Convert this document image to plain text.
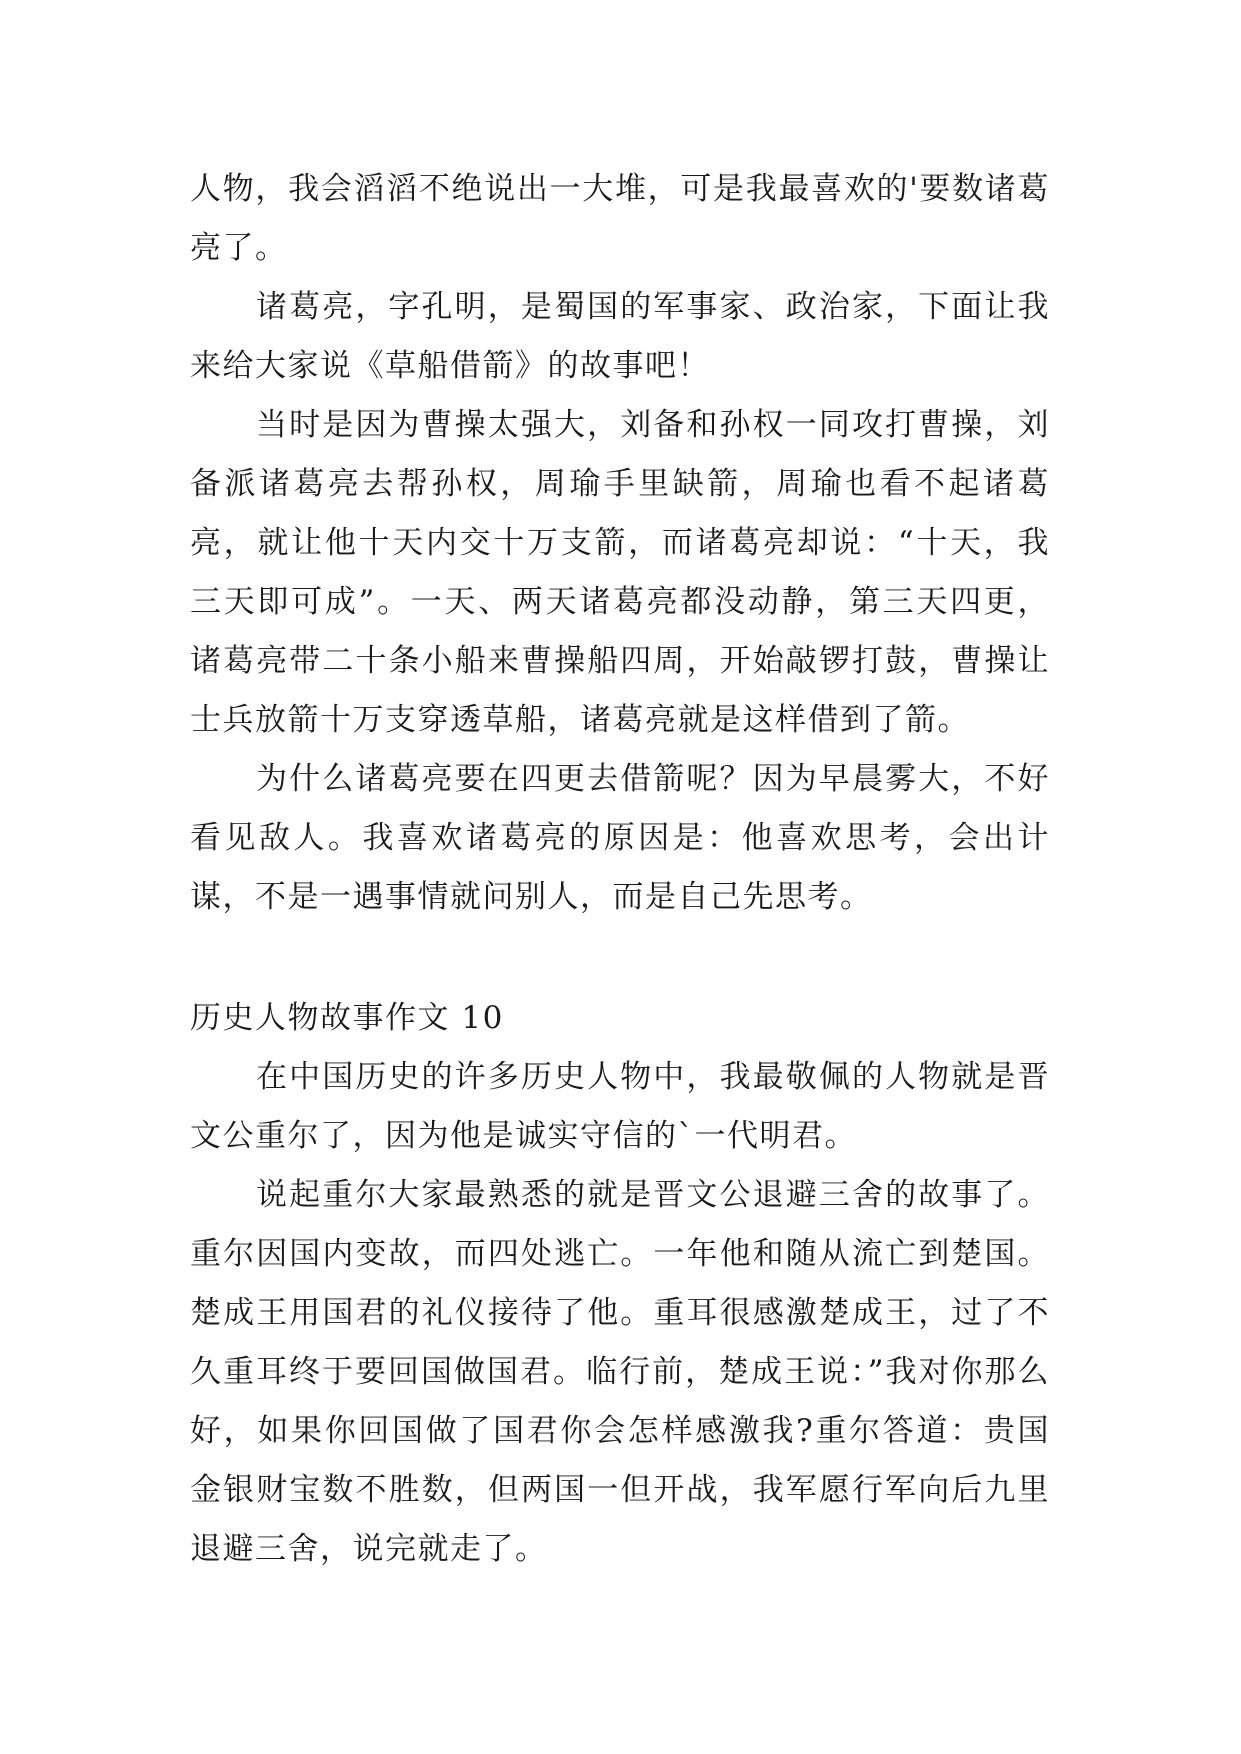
人物，我会滔滔不绝说出一大堆，可是我最喜欢的'要数诸葛亮了。

诸葛亮，字孔明，是蜀国的军事家、政治家，下面让我来给大家说《草船借箭》的故事吧！

当时是因为曹操太强大，刘备和孙权一同攻打曹操，刘备派诸葛亮去帮孙权，周瑜手里缺箭，周瑜也看不起诸葛亮，就让他十天内交十万支箭，而诸葛亮却说：“十天，我三天即可成”。一天、两天诸葛亮都没动静，第三天四更，诸葛亮带二十条小船来曹操船四周，开始敲锣打鼓，曹操让士兵放箭十万支穿透草船，诸葛亮就是这样借到了箭。

为什么诸葛亮要在四更去借箭呢？因为早晨雾大，不好看见敌人。我喜欢诸葛亮的原因是：他喜欢思考，会出计谋，不是一遇事情就问别人，而是自己先思考。

历史人物故事作文 10

在中国历史的许多历史人物中，我最敬佩的人物就是晋文公重尔了，因为他是诚实守信的`一代明君。

说起重尔大家最熟悉的就是晋文公退避三舍的故事了。重尔因国内变故，而四处逃亡。一年他和随从流亡到楚国。楚成王用国君的礼仪接待了他。重耳很感激楚成王，过了不久重耳终于要回国做国君。临行前，楚成王说：”我对你那么好，如果你回国做了国君你会怎样感激我?重尔答道：贵国金银财宝数不胜数，但两国一但开战，我军愿行军向后九里退避三舍，说完就走了。
